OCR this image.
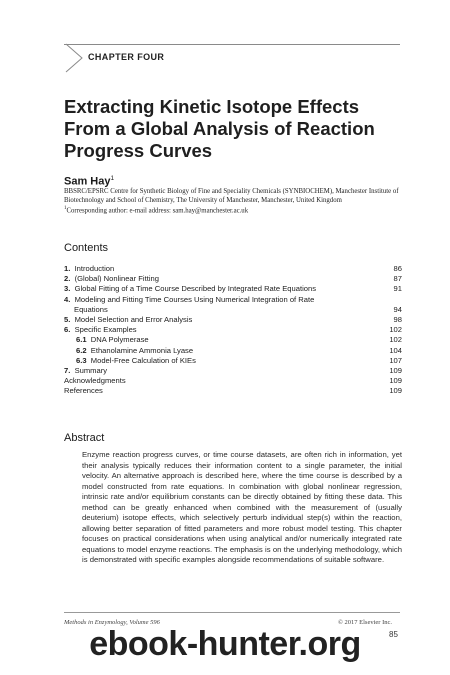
CHAPTER FOUR
Extracting Kinetic Isotope Effects From a Global Analysis of Reaction Progress Curves
Sam Hay$^1$

BBSRC/EPSRC Centre for Synthetic Biology of Fine and Speciality Chemicals (SYNBIOCHEM), Manchester Institute of Biotechnology and School of Chemistry, The University of Manchester, Manchester, United Kingdom

$^1$Corresponding author: e-mail address: sam.hay@manchester.ac.uk

Contents
1. Introduction	86
2. (Global) Nonlinear Fitting	87
3. Global Fitting of a Time Course Described by Integrated Rate Equations	91
4. Modeling and Fitting Time Courses Using Numerical Integration of Rate
Equations	94
5. Model Selection and Error Analysis	98
6. Specific Examples	102
6.1 DNA Polymerase	102
6.2 Ethanolamine Ammonia Lyase	104
6.3 Model-Free Calculation of KIEs	107
7. Summary	109
Acknowledgments	109
References	109
Abstract

Enzyme reaction progress curves, or time course datasets, are often rich in information, yet their analysis typically reduces their information content to a single parameter, the initial velocity. An alternative approach is described here, where the time course is described by a model constructed from rate equations. In combination with global nonlinear regression, intrinsic rate and/or equilibrium constants can be directly obtained by fitting these data. This method can be greatly enhanced when combined with the measurement of (usually deuterium) isotope effects, which selectively perturb individual step(s) within the reaction, allowing better separation of fitted parameters and more robust model testing. This chapter focuses on practical considerations when using analytical and/or numerically integrated rate equations to model enzyme reactions. The emphasis is on the underlying methodology, which is demonstrated with specific examples alongside recommendations of suitable software.

Methods in Enzymology, Volume 596	© 2017 Elsevier Inc.
85
ebook-hunter.org
